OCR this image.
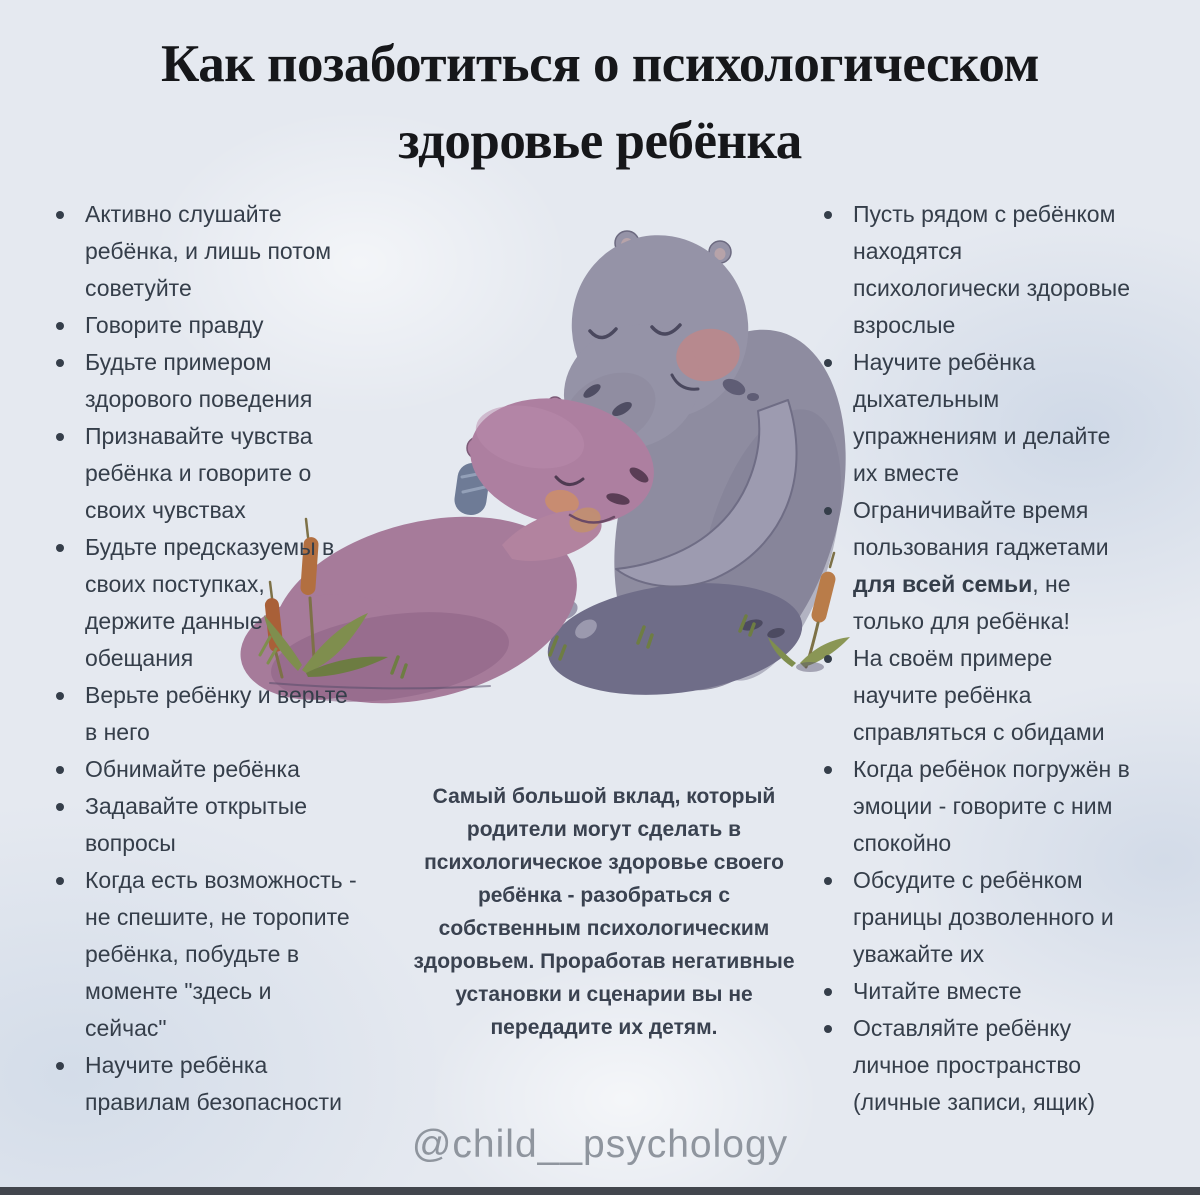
Как позаботиться о психологическом
здоровье ребёнка
Активно слушайте ребёнка, и лишь потом советуйте
Говорите правду
Будьте примером здорового поведения
Признавайте чувства ребёнка и говорите о своих чувствах
Будьте предсказуемы в своих поступках, держите данные обещания
Верьте ребёнку и верьте в него
Обнимайте ребёнка
Задавайте открытые вопросы
Когда есть возможность - не спешите, не торопите ребёнка, побудьте в моменте "здесь и сейчас"
Научите ребёнка правилам безопасности
Пусть рядом с ребёнком находятся психологически здоровые взрослые
Научите ребёнка дыхательным упражнениям и делайте их вместе
Ограничивайте время пользования гаджетами для всей семьи, не только для ребёнка!
На своём примере научите ребёнка справляться с обидами
Когда ребёнок погружён в эмоции - говорите с ним спокойно
Обсудите с ребёнком границы дозволенного и уважайте их
Читайте вместе
Оставляйте ребёнку личное пространство (личные записи, ящик)

Самый большой вклад, который родители могут сделать в психологическое здоровье своего ребёнка - разобраться с собственным психологическим здоровьем. Проработав негативные установки и сценарии вы не передадите их детям.

@child__psychology
